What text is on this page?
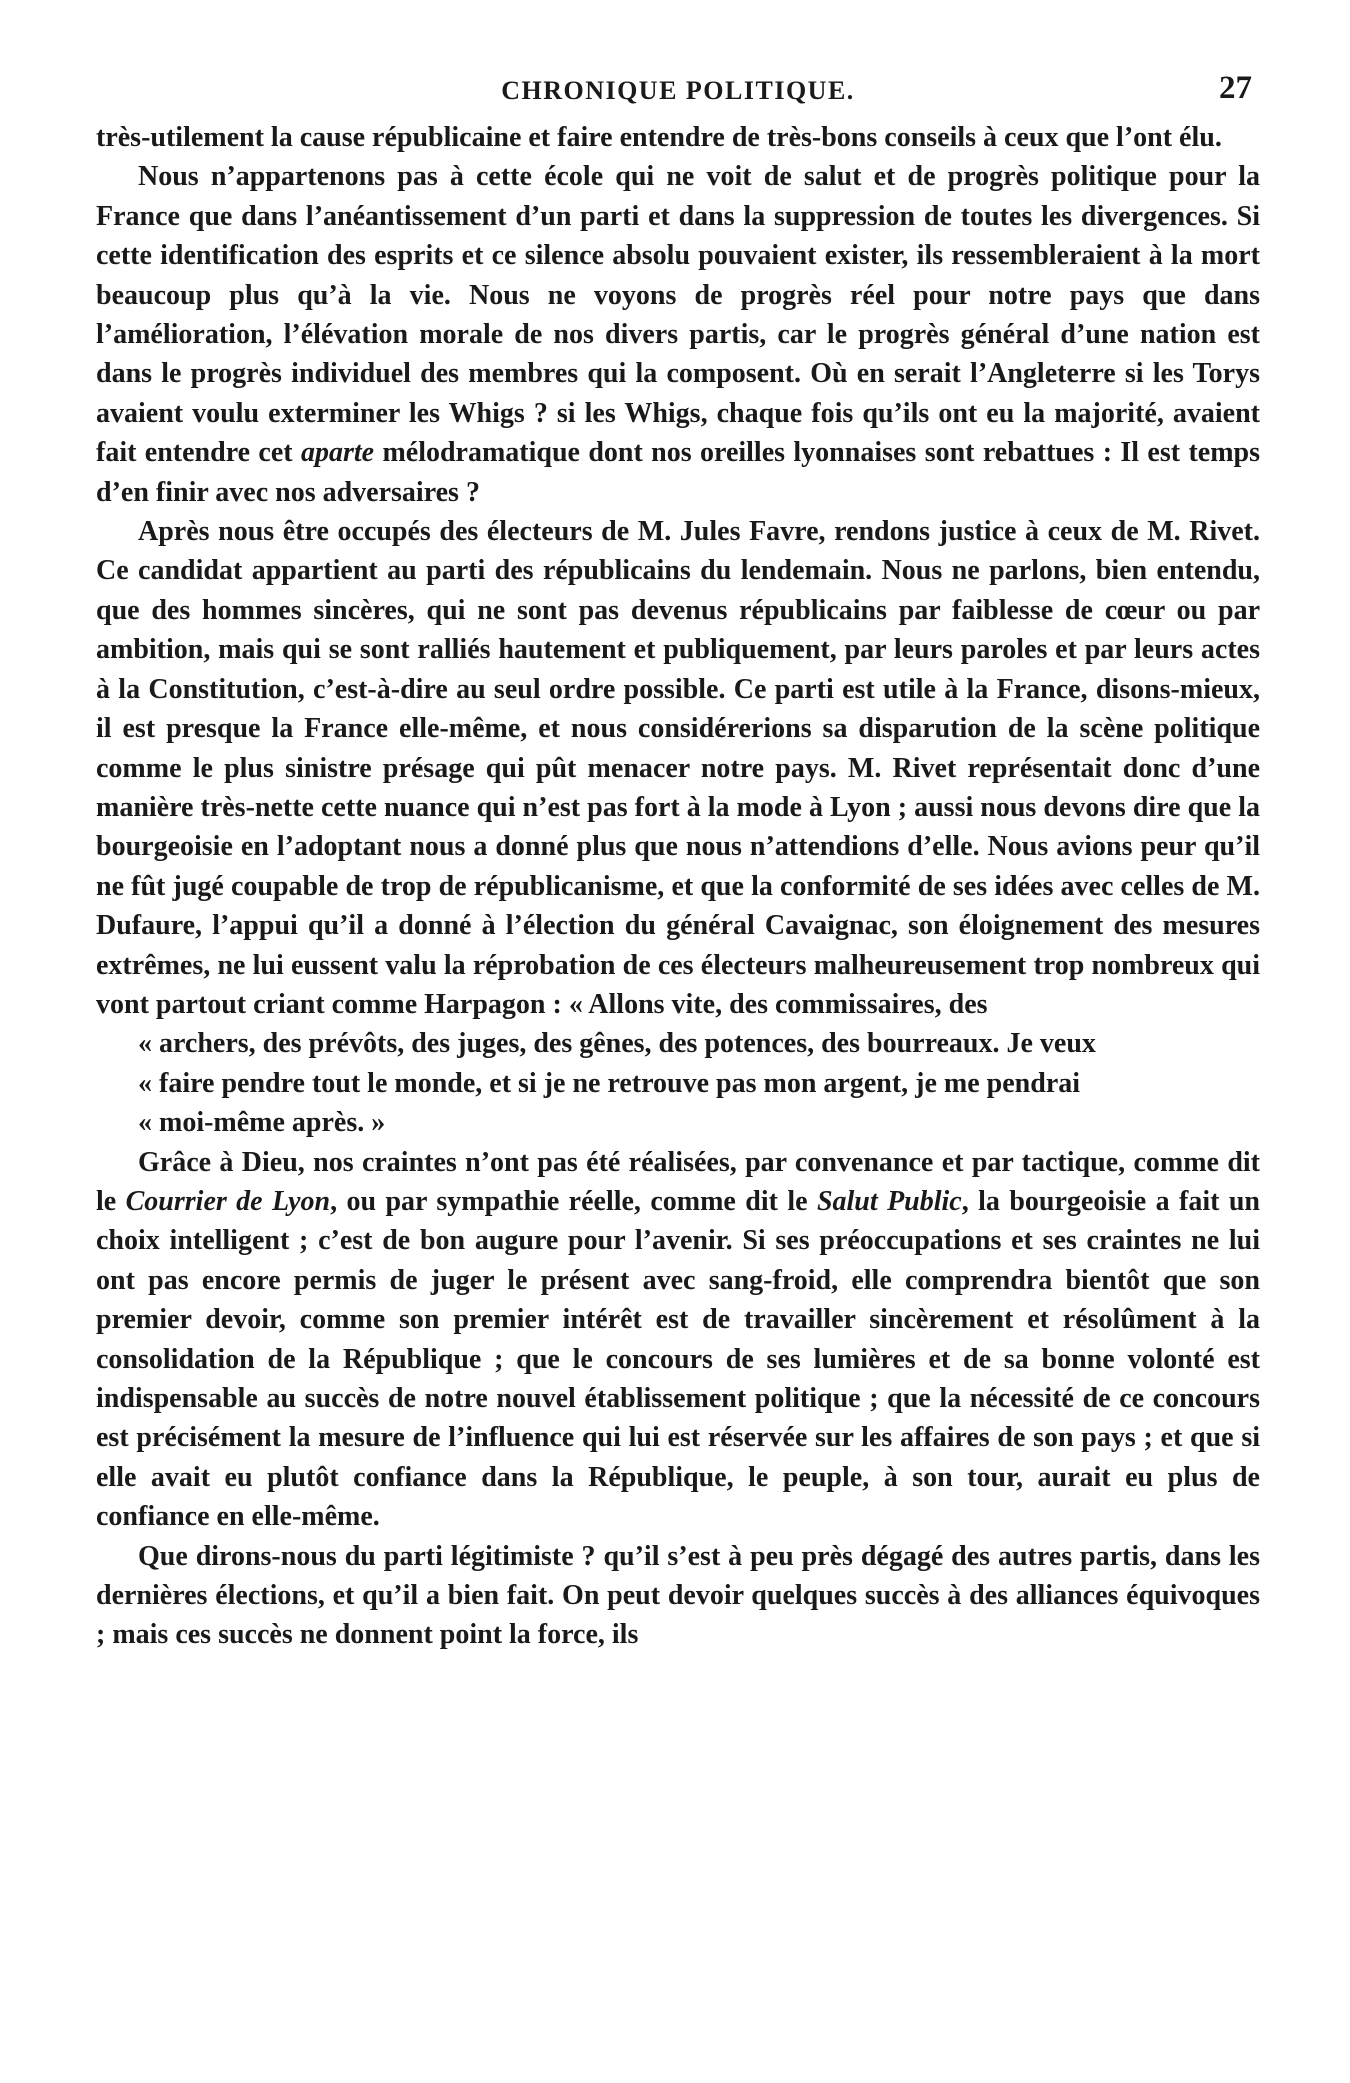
CHRONIQUE POLITIQUE.	27

très-utilement la cause républicaine et faire entendre de très-bons conseils à ceux que l’ont élu.

Nous n’appartenons pas à cette école qui ne voit de salut et de progrès politique pour la France que dans l’anéantissement d’un parti et dans la suppression de toutes les divergences. Si cette identification des esprits et ce silence absolu pouvaient exister, ils ressembleraient à la mort beaucoup plus qu’à la vie. Nous ne voyons de progrès réel pour notre pays que dans l’amélioration, l’élévation morale de nos divers partis, car le progrès général d’une nation est dans le progrès individuel des membres qui la composent. Où en serait l’Angleterre si les Torys avaient voulu exterminer les Whigs ? si les Whigs, chaque fois qu’ils ont eu la majorité, avaient fait entendre cet aparte mélodramatique dont nos oreilles lyonnaises sont rebattues : Il est temps d’en finir avec nos adversaires ?

Après nous être occupés des électeurs de M. Jules Favre, rendons justice à ceux de M. Rivet. Ce candidat appartient au parti des républicains du lendemain. Nous ne parlons, bien entendu, que des hommes sincères, qui ne sont pas devenus républicains par faiblesse de cœur ou par ambition, mais qui se sont ralliés hautement et publiquement, par leurs paroles et par leurs actes à la Constitution, c’est-à-dire au seul ordre possible. Ce parti est utile à la France, disons-mieux, il est presque la France elle-même, et nous considérerions sa disparution de la scène politique comme le plus sinistre présage qui pût menacer notre pays. M. Rivet représentait donc d’une manière très-nette cette nuance qui n’est pas fort à la mode à Lyon ; aussi nous devons dire que la bourgeoisie en l’adoptant nous a donné plus que nous n’attendions d’elle. Nous avions peur qu’il ne fût jugé coupable de trop de républicanisme, et que la conformité de ses idées avec celles de M. Dufaure, l’appui qu’il a donné à l’élection du général Cavaignac, son éloignement des mesures extrêmes, ne lui eussent valu la réprobation de ces électeurs malheureusement trop nombreux qui vont partout criant comme Harpagon : « Allons vite, des commissaires, des
« archers, des prévôts, des juges, des gênes, des potences, des bourreaux. Je veux
« faire pendre tout le monde, et si je ne retrouve pas mon argent, je me pendrai
« moi-même après. »

Grâce à Dieu, nos craintes n’ont pas été réalisées, par convenance et par tactique, comme dit le Courrier de Lyon, ou par sympathie réelle, comme dit le Salut Public, la bourgeoisie a fait un choix intelligent ; c’est de bon augure pour l’avenir. Si ses préoccupations et ses craintes ne lui ont pas encore permis de juger le présent avec sang-froid, elle comprendra bientôt que son premier devoir, comme son premier intérêt est de travailler sincèrement et résolûment à la consolidation de la République ; que le concours de ses lumières et de sa bonne volonté est indispensable au succès de notre nouvel établissement politique ; que la nécessité de ce concours est précisément la mesure de l’influence qui lui est réservée sur les affaires de son pays ; et que si elle avait eu plutôt confiance dans la République, le peuple, à son tour, aurait eu plus de confiance en elle-même.

Que dirons-nous du parti légitimiste ? qu’il s’est à peu près dégagé des autres partis, dans les dernières élections, et qu’il a bien fait. On peut devoir quelques succès à des alliances équivoques ; mais ces succès ne donnent point la force, ils
